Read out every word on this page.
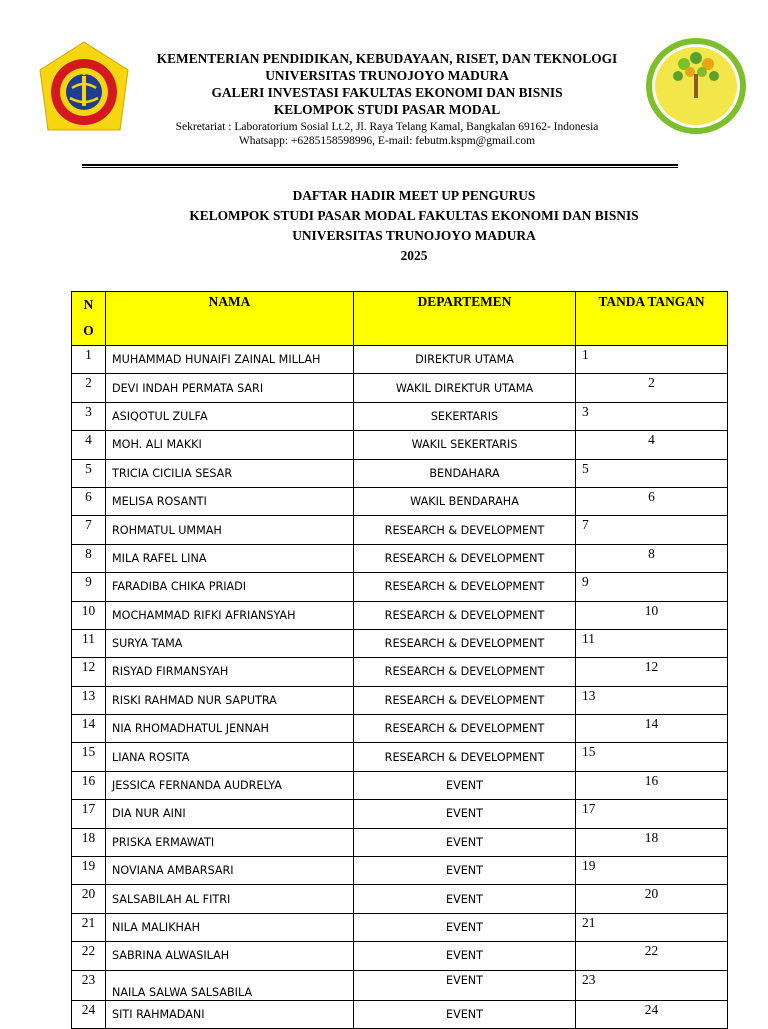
KEMENTERIAN PENDIDIKAN, KEBUDAYAAN, RISET, DAN TEKNOLOGI
UNIVERSITAS TRUNOJOYO MADURA
GALERI INVESTASI FAKULTAS EKONOMI DAN BISNIS
KELOMPOK STUDI PASAR MODAL
Sekretariat : Laboratorium Sosial Lt.2, Jl. Raya Telang Kamal, Bangkalan 69162- Indonesia
Whatsapp: +6285158598996, E-mail: febutm.kspm@gmail.com
DAFTAR HADIR MEET UP PENGURUS
KELOMPOK STUDI PASAR MODAL FAKULTAS EKONOMI DAN BISNIS
UNIVERSITAS TRUNOJOYO MADURA
2025
N
O	NAMA	DEPARTEMEN	TANDA TANGAN
1	MUHAMMAD HUNAIFI ZAINAL MILLAH	DIREKTUR UTAMA	1
2	DEVI INDAH PERMATA SARI	WAKIL DIREKTUR UTAMA	2
3	ASIQOTUL ZULFA	SEKERTARIS	3
4	MOH. ALI MAKKI	WAKIL SEKERTARIS	4
5	TRICIA CICILIA SESAR	BENDAHARA	5
6	MELISA ROSANTI	WAKIL BENDARAHA	6
7	ROHMATUL UMMAH	RESEARCH & DEVELOPMENT	7
8	MILA RAFEL LINA	RESEARCH & DEVELOPMENT	8
9	FARADIBA CHIKA PRIADI	RESEARCH & DEVELOPMENT	9
10	MOCHAMMAD RIFKI AFRIANSYAH	RESEARCH & DEVELOPMENT	10
11	SURYA TAMA	RESEARCH & DEVELOPMENT	11
12	RISYAD FIRMANSYAH	RESEARCH & DEVELOPMENT	12
13	RISKI RAHMAD NUR SAPUTRA	RESEARCH & DEVELOPMENT	13
14	NIA RHOMADHATUL JENNAH	RESEARCH & DEVELOPMENT	14
15	LIANA ROSITA	RESEARCH & DEVELOPMENT	15
16	JESSICA FERNANDA AUDRELYA	EVENT	16
17	DIA NUR AINI	EVENT	17
18	PRISKA ERMAWATI	EVENT	18
19	NOVIANA AMBARSARI	EVENT	19
20	SALSABILAH AL FITRI	EVENT	20
21	NILA MALIKHAH	EVENT	21
22	SABRINA ALWASILAH	EVENT	22
23	NAILA SALWA SALSABILA	EVENT	23
24	SITI RAHMADANI	EVENT	24
